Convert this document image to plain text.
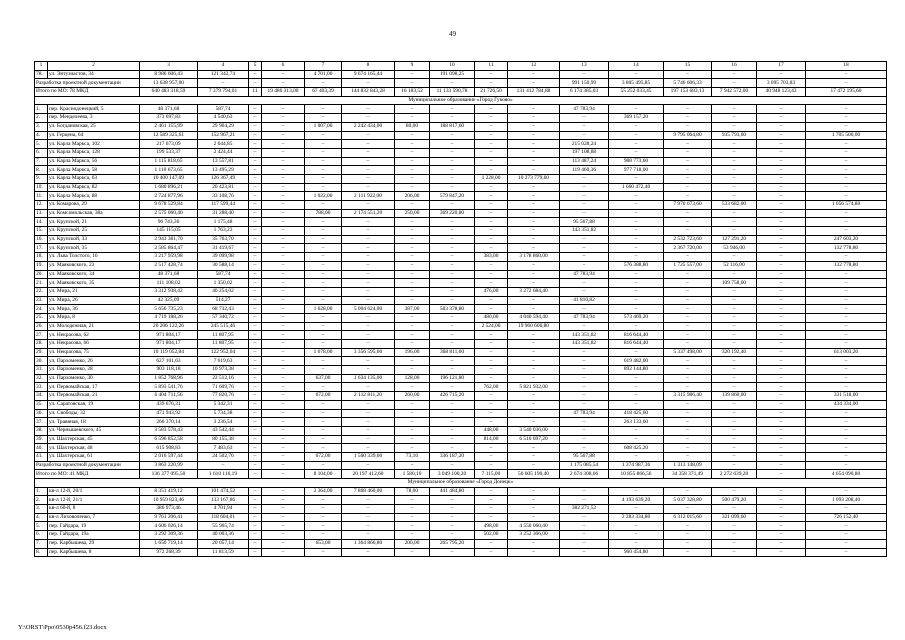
49
1	2	3	4	5	6	7	8	9	10	11	12	13	14	15	16	17	18
78.	ул. Энтузиастов, 34	8 986 606,43	121 342,74	–	–	4 701,00	9 674 165,44	–	191 098,25	–	–	–	–	–	–	–	–
Разработка проектной документации		13 638 957,00	–	–	–	–	–	–	–	–	–	991 150,99	3 805 495,85	5 746 606,33	–	3 095 703,83	–
Итого по МО: 78 МКД		640 483 318,59	7 379 794,01	11	19 486 313,00	67 403,39	144 832 843,28	16 183,52	11 133 590,78	21 726,50	131 412 784,88	6 174 385,03	55 252 033,45	197 153 683,13	7 942 572,00	40 948 123,43	17 472 195,60
Муниципальное образование «Город Гуково»																	
1.	пер. Краснодонецкий, 5	48 371,68	587,74	–	–	–	–	–	–	–	–	47 783,94	–	–	–	–	–
2.	пер. Менделеева, 3	373 697,83	4 540,63	–	–	–	–	–	–	–	–	–	369 157,20	–	–	–	–
3.	ул. Богдановская, 25	2 461 155,99	29 904,29	–	–	1 007,00	2 242 434,00	80,00	188 817,60	–	–	–	–	–	–	–	–
4.	ул. Герцена, 64	12 589 325,61	152 967,21	–	–	–	–	–	–	–	–	–	–	9 795 064,80	935 793,60	–	1 705 500,00
5.	ул. Карла Маркса, 102	217 673,09	2 644,85	–	–	–	–	–	–	–	–	215 028,24	–	–	–	–	–
6.	ул. Карла Маркса, 128	199 533,37	2 424,44	–	–	–	–	–	–	–	–	197 108,88	–	–	–	–	–
7.	ул. Карла Маркса, 56	1 115 818,65	13 557,81	–	–	–	–	–	–	–	–	113 487,24	988 773,60	–	–	–	–
8.	ул. Карла Маркса, 58	1 110 673,65	13 495,29	–	–	–	–	–	–	–	–	119 460,36	977 718,00	–	–	–	–
9.	ул. Карла Маркса, 63	10 400 147,09	126 367,49	–	–	–	–	–	–	1 228,00	10 273 779,60	–	–	–	–	–	–
10.	ул. Карла Маркса, 82	1 680 896,21	20 423,81	–	–	–	–	–	–	–	–	–	1 660 472,40	–	–	–	–
11.	ул. Карла Маркса, 88	2 724 877,96	33 108,76	–	–	1 022,00	2 111 922,00	206,00	579 847,20	–	–	–	–	–	–	–	–
12.	ул. Комарова, 29	9 678 529,84	117 599,44	–	–	–	–	–	–	–	–	–	–	7 970 673,60	533 682,00	–	1 056 574,80
13.	ул. Комсомольская, 38а	2 575 060,40	31 288,40	–	–	788,00	2 174 551,20	250,00	369 220,80	–	–	–	–	–	–	–	–
14.	ул. Крупской, 21	96 743,36	1 175,48	–	–	–	–	–	–	–	–	95 567,88	–	–	–	–	–
15.	ул. Крупской, 25	145 115,05	1 763,23	–	–	–	–	–	–	–	–	143 351,82	–	–	–	–	–
16.	ул. Крупской, 33	2 943 381,70	35 763,70	–	–	–	–	–	–	–	–	–	–	2 532 723,60	127 291,20	–	247 603,20
17.	ул. Крупской, 35	2 585 864,47	31 419,67	–	–	–	–	–	–	–	–	–	–	2 367 720,00	53 946,00	–	132 778,80
18.	ул. Льва Толстого, 16	3 217 959,98	39 099,98	–	–	–	–	–	–	383,00	3 178 860,00	–	–	–	–	–	–
19.	ул. Маяковского, 23	2 517 428,74	30 588,14	–	–	–	–	–	–	–	–	–	576 388,80	1 725 557,00	52 116,00	–	132 778,80
20.	ул. Маяковского, 34	48 371,68	587,74	–	–	–	–	–	–	–	–	47 783,94	–	–	–	–	–
21.	ул. Маяковского, 35	111 108,02	1 350,02	–	–	–	–	–	–	–	–	–	–	–	109 758,00	–	–
22.	ул. Мира, 21	3 312 938,42	40 254,02	–	–	–	–	–	–	476,00	3 272 684,40	–	–	–	–	–	–
23.	ул. Мира, 26	42 325,09	514,27	–	–	–	–	–	–	–	–	41 810,82	–	–	–	–	–
24.	ул. Мира, 36	5 656 735,23	68 732,43	–	–	1 628,00	5 004 624,00	387,00	583 378,80	–	–	–	–	–	–	–	–
25.	ул. Мира, 8	4 719 188,26	57 340,72	–	–	–	–	–	–	480,00	4 040 594,40	47 783,94	573 469,20	–	–	–	–
26.	ул. Молодежная, 21	20 206 122,26	245 515,46	–	–	–	–	–	–	2 524,00	19 960 606,80	–	–	–	–	–	–
27.	ул. Некрасова, 62	971 804,17	11 807,95	–	–	–	–	–	–	–	–	143 351,82	816 644,40	–	–	–	–
28.	ул. Некрасова, 66	971 804,17	11 807,95	–	–	–	–	–	–	–	–	143 351,82	816 644,40	–	–	–	–
29.	ул. Некрасова, 75	10 119 052,84	122 952,04	–	–	1 678,00	3 356 595,60	196,00	368 811,60	–	–	–	–	5 337 498,00	320 192,40	–	613 003,20
30.	ул. Пархоменко, 26	627 101,63	7 619,63	–	–	–	–	–	–	–	–	–	619 482,00	–	–	–	–
31.	ул. Пархоменко, 28	903 118,18	10 973,38	–	–	–	–	–	–	–	–	–	892 144,80	–	–	–	–
32.	ул. Пархоменко, 30	1 852 768,96	22 512,16	–	–	637,00	1 634 135,00	128,00	196 121,80	–	–	–	–	–	–	–	–
33.	ул. Первомайская, 17	5 893 541,76	71 609,76	–	–	–	–	–	–	762,00	5 821 932,00	–	–	–	–	–	–
34.	ул. Первомайская, 21	6 404 711,56	77 820,76	–	–	672,00	2 112 811,20	260,00	426 715,20	–	–	–	–	3 315 986,40	139 860,00	–	331 518,00
35.	ул. Саратовская, 19	439 676,31	5 342,31	–	–	–	–	–	–	–	–	–	–	–	–	–	434 334,00
36.	ул. Свободы, 32	471 943,92	5 734,38	–	–	–	–	–	–	–	–	47 783,94	418 425,60	–	–	–	–
37.	ул. Травяная, 18	266 370,14	3 236,54	–	–	–	–	–	–	–	–	–	263 133,60	–	–	–	–
38.	ул. Чернышевского, 45	3 583 578,43	43 542,44	–	–	–	–	–	–	448,00	3 540 036,00	–	–	–	–	–	–
39.	ул. Шахтерская, 45	6 596 852,58	80 155,38	–	–	–	–	–	–	814,00	6 516 697,20	–	–	–	–	–	–
40.	ул. Шахтерская, 48	615 908,83	7 483,63	–	–	–	–	–	–	–	–	–	608 425,20	–	–	–	–
41.	ул. Шахтерская, 61	2 016 597,44	24 502,76	–	–	672,00	1 560 339,60	73,10	336 187,20	–	–	95 567,88	–	–	–	–	–
Разработка проектной документации		3 863 220,99	–	–	–	–	–	–	–	–	–	1 175 085,54	1 374 987,36	1 313 148,09	–	–	–
Итого по МО: 41 МКД		136 377 095,50	1 610 116,19	–	–	8 104,00	20 197 412,60	1 580,10	3 049 100,20	7 115,00	56 605 190,40	2 674 308,06	10 855 866,56	34 358 371,49	2 272 639,20	–	4 654 090,80
Муниципальное образование «Город Донецк»																	
1.	кв-л 12-й, 20/1	8 351 419,12	101 474,52	–	–	2 364,00	7 808 460,00	78,00	441 484,80	–	–	–	–	–	–	–	–
2.	кв-л 12-й, 21/1	10 959 823,46	133 167,86	–	–	–	–	–	–	–	–	–	4 193 639,20	5 037 328,80	500 479,20	–	1 093 208,40
3.	кв-л 60-й, 8	386 973,46	4 701,94	–	–	–	–	–	–	–	–	382 271,52	–	–	–	–	–
4.	кв-л Лиховоченко, 7	9 761 206,41	118 604,01	–	–	–	–	–	–	–	–	–	2 283 334,80	6 312 015,60	321 099,60	–	726 152,40
5.	пер. Гайдара, 19	4 606 026,14	55 965,74	–	–	–	–	–	–	498,00	4 550 060,40	–	–	–	–	–	–
6.	пер. Гайдара, 19а	3 292 309,36	40 003,36	–	–	–	–	–	–	502,00	3 252 306,00	–	–	–	–	–	–
7.	пер. Карбышева, 29	1 650 719,14	20 057,14	–	–	653,00	1 364 866,80	200,00	265 795,20	–	–	–	–	–	–	–	–
8.	пер. Карбышева, 8	972 268,39	11 813,59	–	–	–	–	–	–	–	–	–	960 454,80	–	–	–	–
Y:\ORST\Ppo\0530p456.f23.docx
